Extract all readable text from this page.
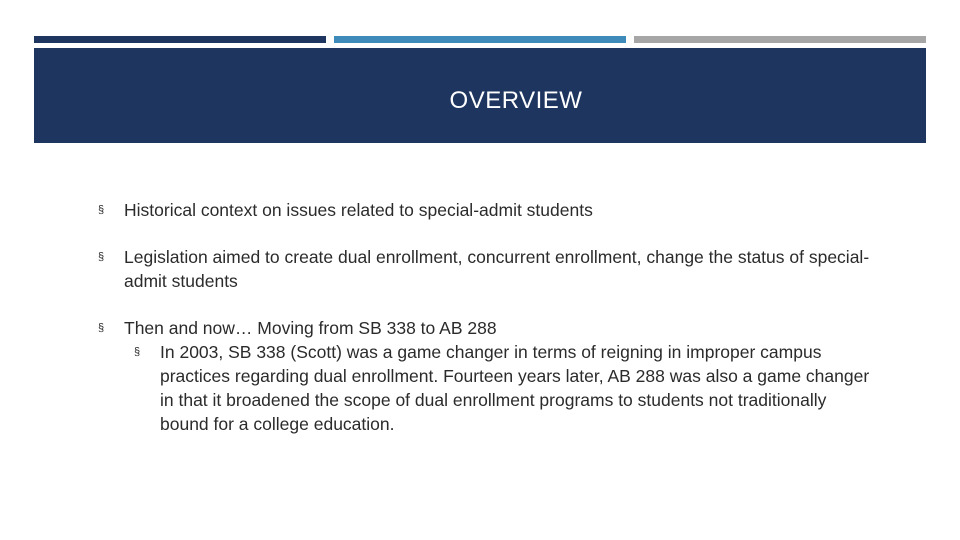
OVERVIEW
§ Historical context on issues related to special-admit students
§ Legislation aimed to create dual enrollment, concurrent enrollment, change the status of special-admit students
§ Then and now… Moving from SB 338 to AB 288
§ In 2003, SB 338 (Scott) was a game changer in terms of reigning in improper campus practices regarding dual enrollment. Fourteen years later, AB 288 was also a game changer in that it broadened the scope of dual enrollment programs to students not traditionally bound for a college education.
